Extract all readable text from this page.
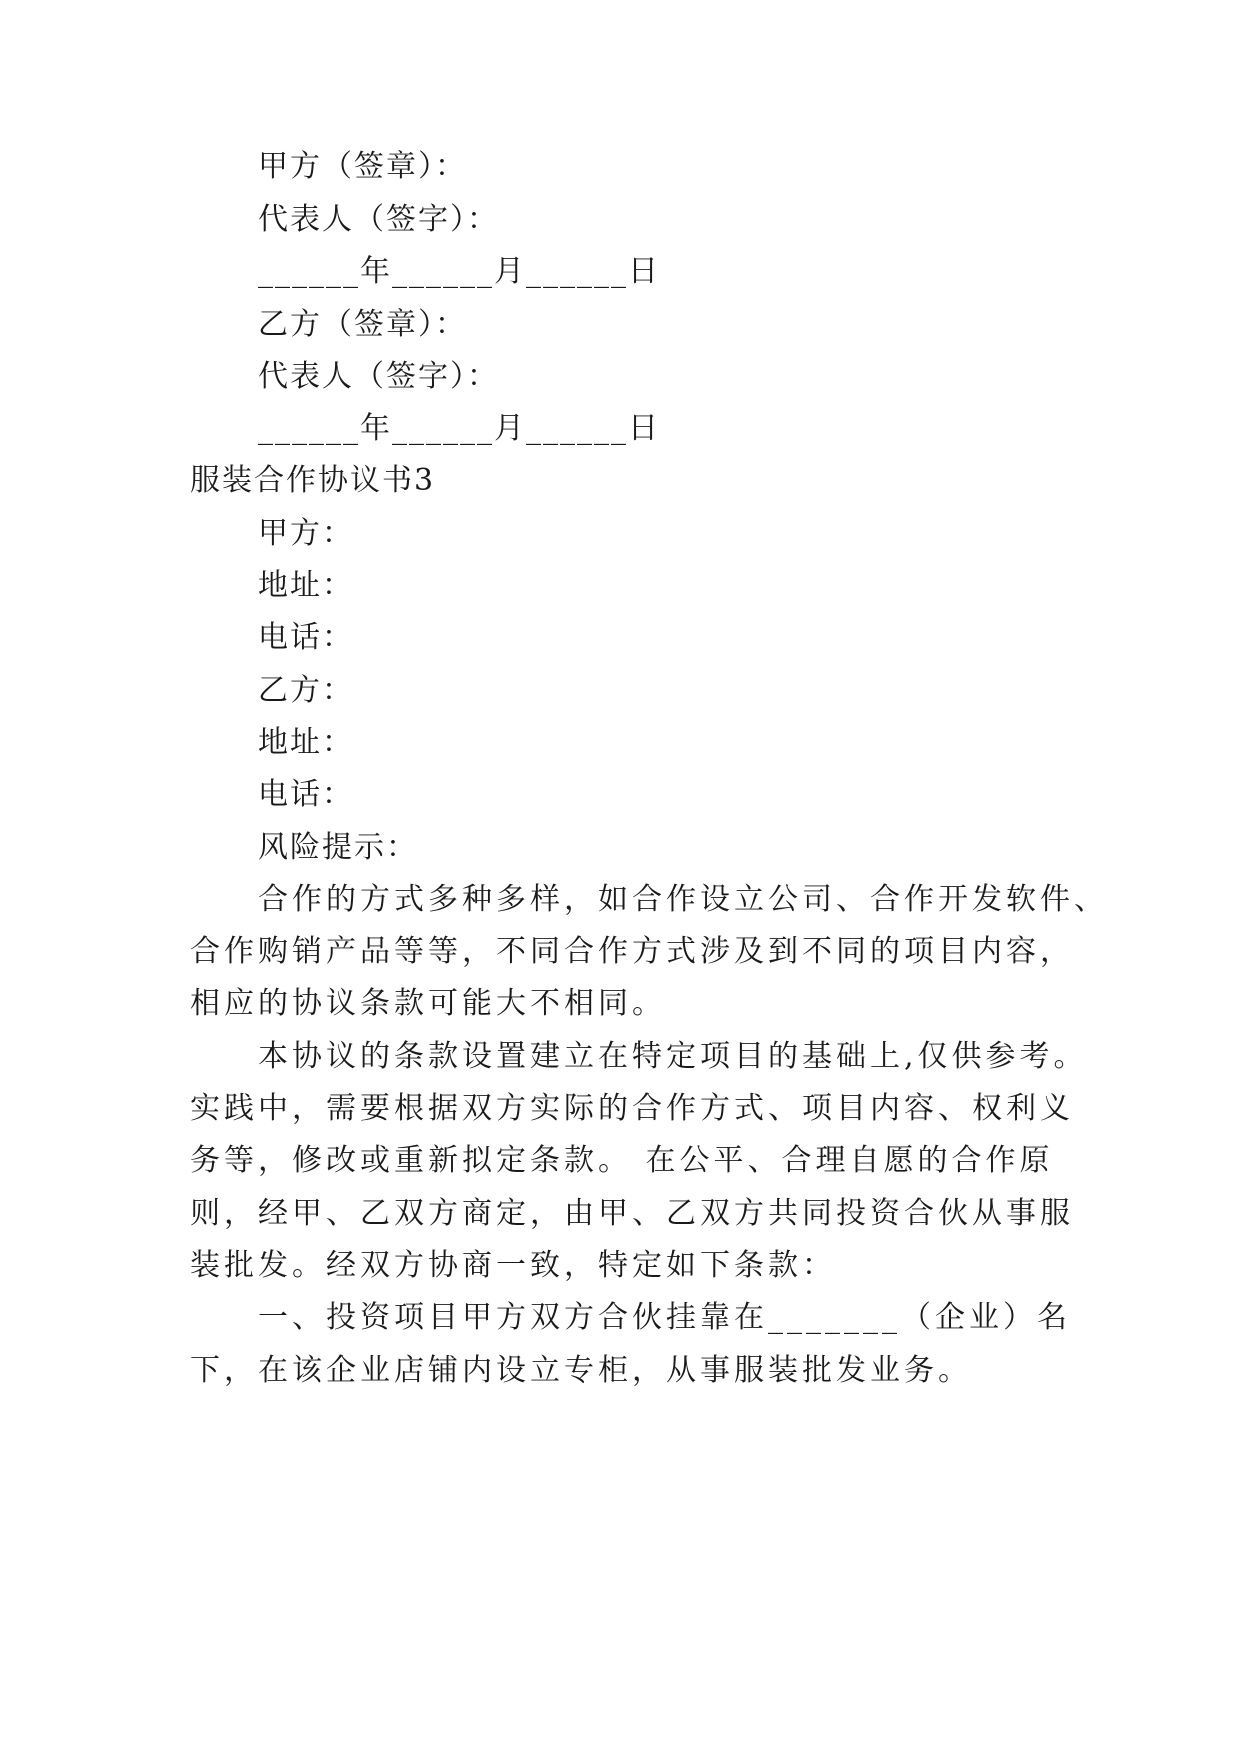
甲方（签章）：
代表人（签字）：
______年______月______日
乙方（签章）：
代表人（签字）：
______年______月______日
服装合作协议书3
甲方：
地址：
电话：
乙方：
地址：
电话：
风险提示：
合作的方式多种多样，如合作设立公司、合作开发软件、
合作购销产品等等，不同合作方式涉及到不同的项目内容，
相应的协议条款可能大不相同。
本协议的条款设置建立在特定项目的基础上,仅供参考。
实践中，需要根据双方实际的合作方式、项目内容、权利义
务等，修改或重新拟定条款。 在公平、合理自愿的合作原
则，经甲、乙双方商定，由甲、乙双方共同投资合伙从事服
装批发。经双方协商一致，特定如下条款：
一、投资项目甲方双方合伙挂靠在_______（企业）名
下，在该企业店铺内设立专柜，从事服装批发业务。
